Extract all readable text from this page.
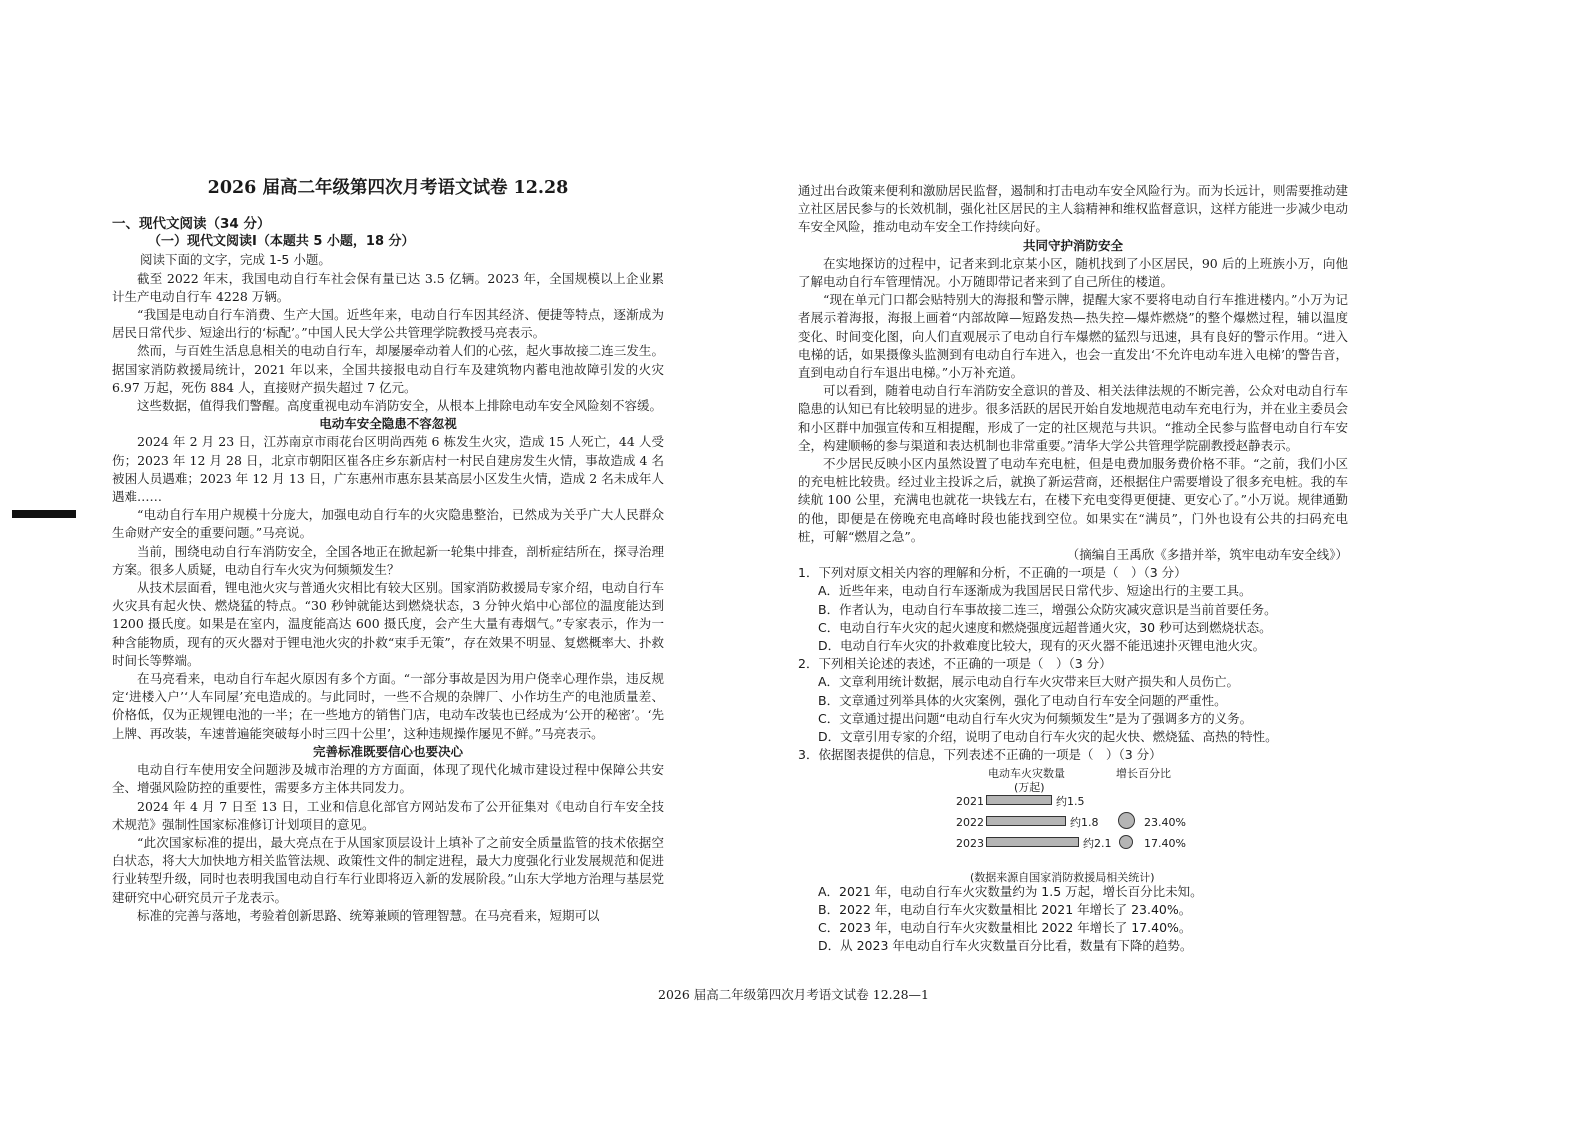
2026 届高二年级第四次月考语文试卷 12.28

一、现代文阅读（34 分）

（一）现代文阅读Ⅰ（本题共 5 小题，18 分）

阅读下面的文字，完成 1-5 小题。

截至 2022 年末，我国电动自行车社会保有量已达 3.5 亿辆。2023 年，全国规模以上企业累计生产电动自行车 4228 万辆。

“我国是电动自行车消费、生产大国。近些年来，电动自行车因其经济、便捷等特点，逐渐成为居民日常代步、短途出行的‘标配’。”中国人民大学公共管理学院教授马亮表示。

然而，与百姓生活息息相关的电动自行车，却屡屡牵动着人们的心弦，起火事故接二连三发生。据国家消防救援局统计，2021 年以来，全国共接报电动自行车及建筑物内蓄电池故障引发的火灾 6.97 万起，死伤 884 人，直接财产损失超过 7 亿元。

这些数据，值得我们警醒。高度重视电动车消防安全，从根本上排除电动车安全风险刻不容缓。

电动车安全隐患不容忽视

2024 年 2 月 23 日，江苏南京市雨花台区明尚西苑 6 栋发生火灾，造成 15 人死亡，44 人受伤；2023 年 12 月 28 日，北京市朝阳区崔各庄乡东新店村一村民自建房发生火情，事故造成 4 名被困人员遇难；2023 年 12 月 13 日，广东惠州市惠东县某高层小区发生火情，造成 2 名未成年人遇难……

“电动自行车用户规模十分庞大，加强电动自行车的火灾隐患整治，已然成为关乎广大人民群众生命财产安全的重要问题。”马亮说。

当前，围绕电动自行车消防安全，全国各地正在掀起新一轮集中排查，剖析症结所在，探寻治理方案。很多人质疑，电动自行车火灾为何频频发生？

从技术层面看，锂电池火灾与普通火灾相比有较大区别。国家消防救援局专家介绍，电动自行车火灾具有起火快、燃烧猛的特点。“30 秒钟就能达到燃烧状态，3 分钟火焰中心部位的温度能达到 1200 摄氏度。如果是在室内，温度能高达 600 摄氏度，会产生大量有毒烟气。”专家表示，作为一种含能物质，现有的灭火器对于锂电池火灾的扑救“束手无策”，存在效果不明显、复燃概率大、扑救时间长等弊端。

在马亮看来，电动自行车起火原因有多个方面。“一部分事故是因为用户侥幸心理作祟，违反规定‘进楼入户’‘人车同屋’充电造成的。与此同时，一些不合规的杂牌厂、小作坊生产的电池质量差、价格低，仅为正规锂电池的一半；在一些地方的销售门店，电动车改装也已经成为‘公开的秘密’。‘先上牌、再改装，车速普遍能突破每小时三四十公里’，这种违规操作屡见不鲜。”马亮表示。

完善标准既要信心也要决心

电动自行车使用安全问题涉及城市治理的方方面面，体现了现代化城市建设过程中保障公共安全、增强风险防控的重要性，需要多方主体共同发力。

2024 年 4 月 7 日至 13 日，工业和信息化部官方网站发布了公开征集对《电动自行车安全技术规范》强制性国家标准修订计划项目的意见。

“此次国家标准的提出，最大亮点在于从国家顶层设计上填补了之前安全质量监管的技术依据空白状态，将大大加快地方相关监管法规、政策性文件的制定进程，最大力度强化行业发展规范和促进行业转型升级，同时也表明我国电动自行车行业即将迈入新的发展阶段。”山东大学地方治理与基层党建研究中心研究员亓子龙表示。

标准的完善与落地，考验着创新思路、统筹兼顾的管理智慧。在马亮看来，短期可以

通过出台政策来便利和激励居民监督，遏制和打击电动车安全风险行为。而为长远计，则需要推动建立社区居民参与的长效机制，强化社区居民的主人翁精神和维权监督意识，这样方能进一步减少电动车安全风险，推动电动车安全工作持续向好。

共同守护消防安全

在实地探访的过程中，记者来到北京某小区，随机找到了小区居民，90 后的上班族小万，向他了解电动自行车管理情况。小万随即带记者来到了自己所住的楼道。

“现在单元门口都会贴特别大的海报和警示牌，提醒大家不要将电动自行车推进楼内。”小万为记者展示着海报，海报上画着“内部故障—短路发热—热失控—爆炸燃烧”的整个爆燃过程，辅以温度变化、时间变化图，向人们直观展示了电动自行车爆燃的猛烈与迅速，具有良好的警示作用。“进入电梯的话，如果摄像头监测到有电动自行车进入，也会一直发出‘不允许电动车进入电梯’的警告音，直到电动自行车退出电梯。”小万补充道。

可以看到，随着电动自行车消防安全意识的普及、相关法律法规的不断完善，公众对电动自行车隐患的认知已有比较明显的进步。很多活跃的居民开始自发地规范电动车充电行为，并在业主委员会和小区群中加强宣传和互相提醒，形成了一定的社区规范与共识。“推动全民参与监督电动自行车安全，构建顺畅的参与渠道和表达机制也非常重要。”清华大学公共管理学院副教授赵静表示。

不少居民反映小区内虽然设置了电动车充电桩，但是电费加服务费价格不菲。“之前，我们小区的充电桩比较贵。经过业主投诉之后，就换了新运营商，还根据住户需要增设了很多充电桩。我的车续航 100 公里，充满电也就花一块钱左右，在楼下充电变得更便捷、更安心了。”小万说。规律通勤的他，即便是在傍晚充电高峰时段也能找到空位。如果实在“满员”，门外也设有公共的扫码充电桩，可解“燃眉之急”。

（摘编自王禹欣《多措并举，筑牢电动车安全线》）

1．下列对原文相关内容的理解和分析，不正确的一项是（　）（3 分）

A．近些年来，电动自行车逐渐成为我国居民日常代步、短途出行的主要工具。

B．作者认为，电动自行车事故接二连三，增强公众防灾减灾意识是当前首要任务。

C．电动自行车火灾的起火速度和燃烧强度远超普通火灾，30 秒可达到燃烧状态。

D．电动自行车火灾的扑救难度比较大，现有的灭火器不能迅速扑灭锂电池火灾。

2．下列相关论述的表述，不正确的一项是（　）（3 分）

A．文章利用统计数据，展示电动自行车火灾带来巨大财产损失和人员伤亡。

B．文章通过列举具体的火灾案例，强化了电动自行车安全问题的严重性。

C．文章通过提出问题“电动自行车火灾为何频频发生”是为了强调多方的义务。

D．文章引用专家的介绍，说明了电动自行车火灾的起火快、燃烧猛、高热的特性。

3．依据图表提供的信息，下列表述不正确的一项是（　）（3 分）

电动车火灾数量
(万起)
增长百分比
2021	约1.5
2022	约1.8	23.40%
2023	约2.1	17.40%
(数据来源自国家消防救援局相关统计)

A．2021 年，电动自行车火灾数量约为 1.5 万起，增长百分比未知。

B．2022 年，电动自行车火灾数量相比 2021 年增长了 23.40%。

C．2023 年，电动自行车火灾数量相比 2022 年增长了 17.40%。

D．从 2023 年电动自行车火灾数量百分比看，数量有下降的趋势。

2026 届高二年级第四次月考语文试卷 12.28—1
